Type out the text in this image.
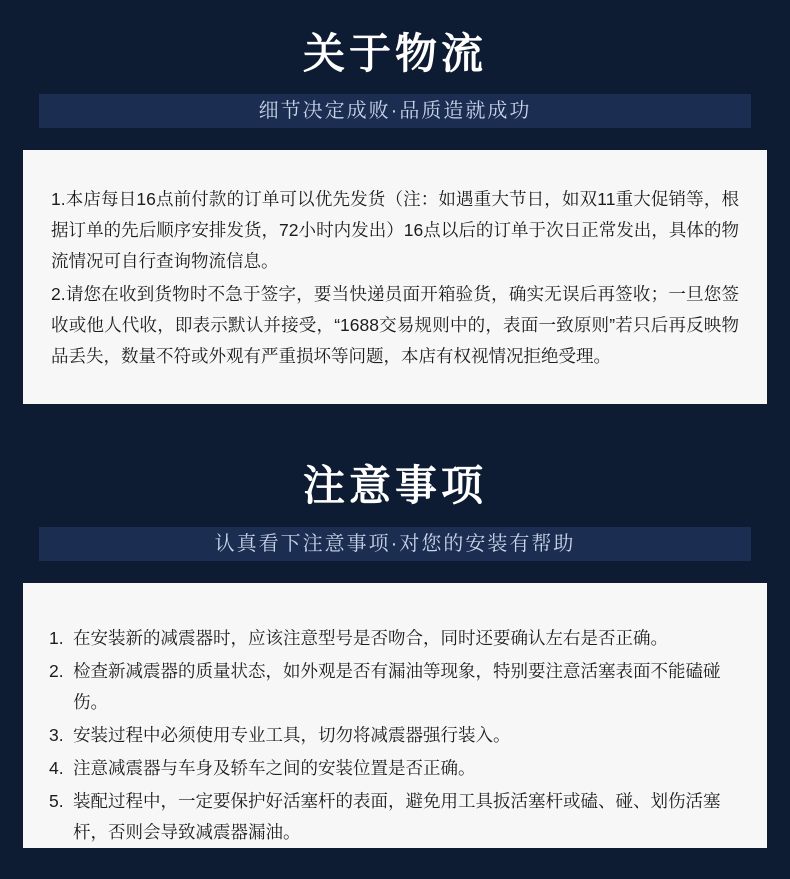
关于物流
细节决定成败·品质造就成功

1.本店每日16点前付款的订单可以优先发货（注：如遇重大节日，如双11重大促销等，根据订单的先后顺序安排发货，72小时内发出）16点以后的订单于次日正常发出，具体的物流情况可自行查询物流信息。

2.请您在收到货物时不急于签字，要当快递员面开箱验货，确实无误后再签收；一旦您签收或他人代收，即表示默认并接受，“1688交易规则中的，表面一致原则”若只后再反映物品丢失，数量不符或外观有严重损坏等问题，本店有权视情况拒绝受理。

注意事项
认真看下注意事项·对您的安装有帮助
在安装新的减震器时，应该注意型号是否吻合，同时还要确认左右是否正确。
检查新减震器的质量状态，如外观是否有漏油等现象，特别要注意活塞表面不能磕碰伤。
安装过程中必须使用专业工具，切勿将减震器强行装入。
注意减震器与车身及轿车之间的安装位置是否正确。
装配过程中，一定要保护好活塞杆的表面，避免用工具扳活塞杆或磕、碰、划伤活塞杆，否则会导致减震器漏油。
